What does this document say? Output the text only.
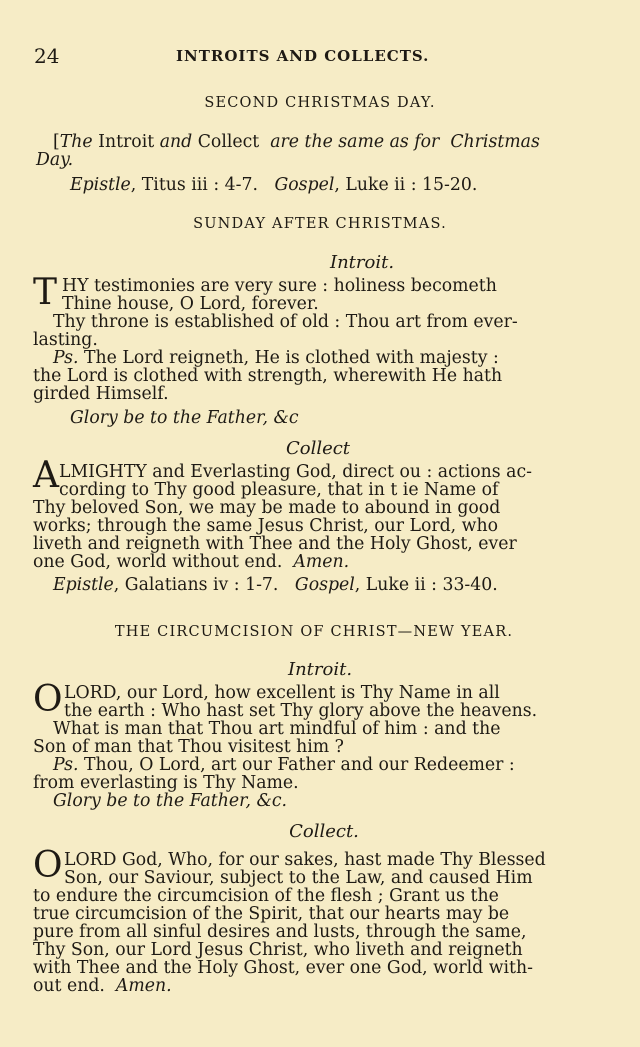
24	INTROITS AND COLLECTS.
SECOND CHRISTMAS DAY.
[The Introit and Collect are the same as for Christmas
Day.
Epistle, Titus iii : 4-7. Gospel, Luke ii : 15-20.
SUNDAY AFTER CHRISTMAS.
Introit.
T HY testimonies are very sure : holiness becometh
Thine house, O Lord, forever.
Thy throne is established of old : Thou art from ever-
lasting.
Ps. The Lord reigneth, He is clothed with majesty :
the Lord is clothed with strength, wherewith He hath
girded Himself.
Glory be to the Father, &c
Collect
A LMIGHTY and Everlasting God, direct ou : actions ac-
cording to Thy good pleasure, that in t ie Name of
Thy beloved Son, we may be made to abound in good
works; through the same Jesus Christ, our Lord, who
liveth and reigneth with Thee and the Holy Ghost, ever
one God, world without end. Amen.
Epistle, Galatians iv : 1-7. Gospel, Luke ii : 33-40.
THE CIRCUMCISION OF CHRIST—NEW YEAR.
Introit.
O LORD, our Lord, how excellent is Thy Name in all
the earth : Who hast set Thy glory above the heavens.
What is man that Thou art mindful of him : and the
Son of man that Thou visitest him ?
Ps. Thou, O Lord, art our Father and our Redeemer :
from everlasting is Thy Name.
Glory be to the Father, &c.
Collect.
O LORD God, Who, for our sakes, hast made Thy Blessed
Son, our Saviour, subject to the Law, and caused Him
to endure the circumcision of the flesh ; Grant us the
true circumcision of the Spirit, that our hearts may be
pure from all sinful desires and lusts, through the same,
Thy Son, our Lord Jesus Christ, who liveth and reigneth
with Thee and the Holy Ghost, ever one God, world with-
out end. Amen.
